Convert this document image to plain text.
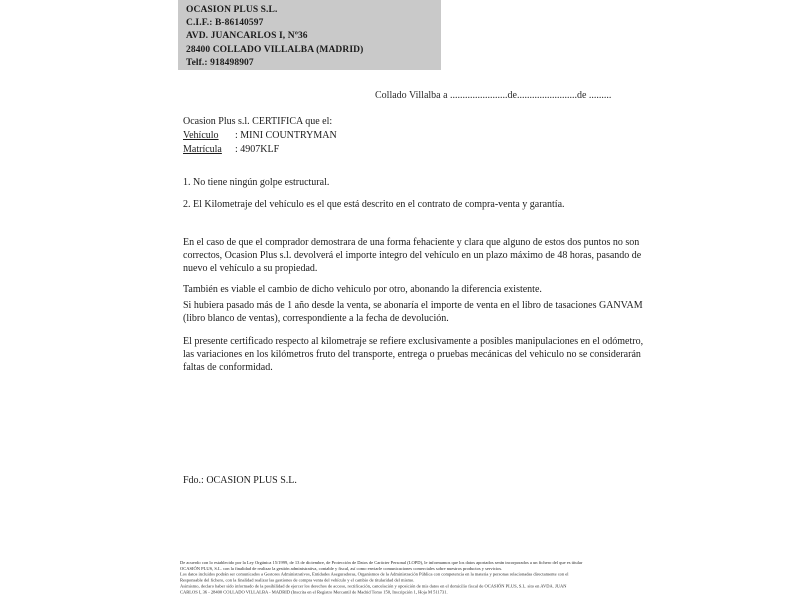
OCASION PLUS S.L.
C.I.F.: B-86140597
AVD. JUANCARLOS I, Nº36
28400 COLLADO VILLALBA (MADRID)
Telf.: 918498907
Collado Villalba a .......................de........................de .........
Ocasion Plus s.l. CERTIFICA que el:
Vehículo : MINI COUNTRYMAN
Matrícula : 4907KLF
1. No tiene ningún golpe estructural.
2. El Kilometraje del vehículo es el que está descrito en el contrato de compra-venta y garantía.

En el caso de que el comprador demostrara de una forma fehaciente y clara que alguno de estos dos puntos no son correctos, Ocasion Plus s.l. devolverá el importe integro del vehículo en un plazo máximo de 48 horas, pasando de nuevo el vehículo a su propiedad.

También es viable el cambio de dicho vehiculo por otro, abonando la diferencia existente.

Si hubiera pasado más de 1 año desde la venta, se abonaría el importe de venta en el libro de tasaciones GANVAM (libro blanco de ventas), correspondiente a la fecha de devolución.

El presente certificado respecto al kilometraje se refiere exclusivamente a posibles manipulaciones en el odómetro, las variaciones en los kilómetros fruto del transporte, entrega o pruebas mecánicas del vehiculo no se considerarán faltas de conformidad.

Fdo.: OCASION PLUS S.L.
De acuerdo con lo establecido por la Ley Orgánica 15/1999, de 13 de diciembre, de Protección de Datos de Carácter Personal (LOPD), le informamos que los datos aportados serán incorporados a un fichero del que es titular
OCASIÓN PLUS, S.L. con la finalidad de realizar la gestión administrativa, contable y fiscal, así como enviarle comunicaciones comerciales sobre nuestros productos y servicios.
Los datos incluidos podrán ser comunicados a Gestores Administrativos, Entidades Aseguradoras, Organismos de la Administración Pública con competencia en la materia y personas relacionadas directamente con el
Responsable del fichero, con la finalidad realizar las gestiones de compra venta del vehículo y el cambio de titularidad del mismo.
Asimismo, declaro haber sido informado de la posibilidad de ejercer los derechos de acceso, rectificación, cancelación y oposición de mis datos en el domicilio fiscal de OCASIÓN PLUS, S.L. sito en AVDA. JUAN
CARLOS I, 36 - 28400 COLLADO VILLALBA - MADRID (Inscrita en el Registro Mercantil de Madrid Tomo 150, Inscripción 1, Hoja M 511731.
